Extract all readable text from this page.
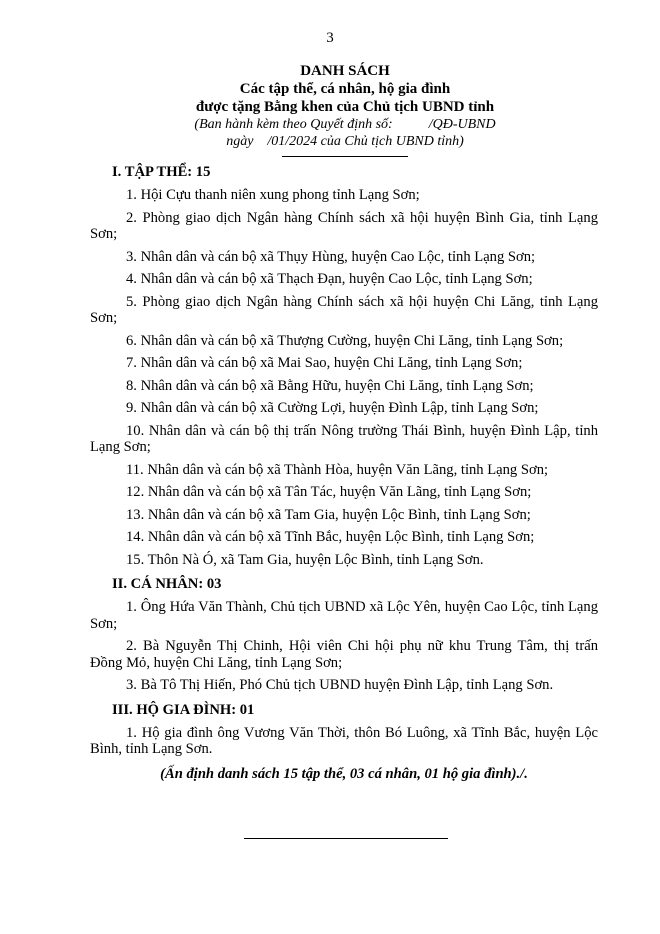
3
DANH SÁCH
Các tập thể, cá nhân, hộ gia đình
được tặng Bằng khen của Chủ tịch UBND tỉnh
(Ban hành kèm theo Quyết định số:	/QĐ-UBND
ngày /01/2024 của Chủ tịch UBND tỉnh)

I. TẬP THỂ: 15

1. Hội Cựu thanh niên xung phong tỉnh Lạng Sơn;

2. Phòng giao dịch Ngân hàng Chính sách xã hội huyện Bình Gia, tỉnh Lạng Sơn;

3. Nhân dân và cán bộ xã Thụy Hùng, huyện Cao Lộc, tỉnh Lạng Sơn;

4. Nhân dân và cán bộ xã Thạch Đạn, huyện Cao Lộc, tỉnh Lạng Sơn;

5. Phòng giao dịch Ngân hàng Chính sách xã hội huyện Chi Lăng, tỉnh Lạng Sơn;

6. Nhân dân và cán bộ xã Thượng Cường, huyện Chi Lăng, tỉnh Lạng Sơn;

7. Nhân dân và cán bộ xã Mai Sao, huyện Chi Lăng, tỉnh Lạng Sơn;

8. Nhân dân và cán bộ xã Bằng Hữu, huyện Chi Lăng, tỉnh Lạng Sơn;

9. Nhân dân và cán bộ xã Cường Lợi, huyện Đình Lập, tỉnh Lạng Sơn;

10. Nhân dân và cán bộ thị trấn Nông trường Thái Bình, huyện Đình Lập, tỉnh Lạng Sơn;

11. Nhân dân và cán bộ xã Thành Hòa, huyện Văn Lãng, tỉnh Lạng Sơn;

12. Nhân dân và cán bộ xã Tân Tác, huyện Văn Lãng, tỉnh Lạng Sơn;

13. Nhân dân và cán bộ xã Tam Gia, huyện Lộc Bình, tỉnh Lạng Sơn;

14. Nhân dân và cán bộ xã Tĩnh Bắc, huyện Lộc Bình, tỉnh Lạng Sơn;

15. Thôn Nà Ó, xã Tam Gia, huyện Lộc Bình, tỉnh Lạng Sơn.

II. CÁ NHÂN: 03

1. Ông Hứa Văn Thành, Chủ tịch UBND xã Lộc Yên, huyện Cao Lộc, tỉnh Lạng Sơn;

2. Bà Nguyễn Thị Chinh, Hội viên Chi hội phụ nữ khu Trung Tâm, thị trấn Đồng Mỏ, huyện Chi Lăng, tỉnh Lạng Sơn;

3. Bà Tô Thị Hiến, Phó Chủ tịch UBND huyện Đình Lập, tỉnh Lạng Sơn.

III. HỘ GIA ĐÌNH: 01

1. Hộ gia đình ông Vương Văn Thời, thôn Bó Luông, xã Tĩnh Bắc, huyện Lộc Bình, tỉnh Lạng Sơn.

(Ấn định danh sách 15 tập thể, 03 cá nhân, 01 hộ gia đình)./.
